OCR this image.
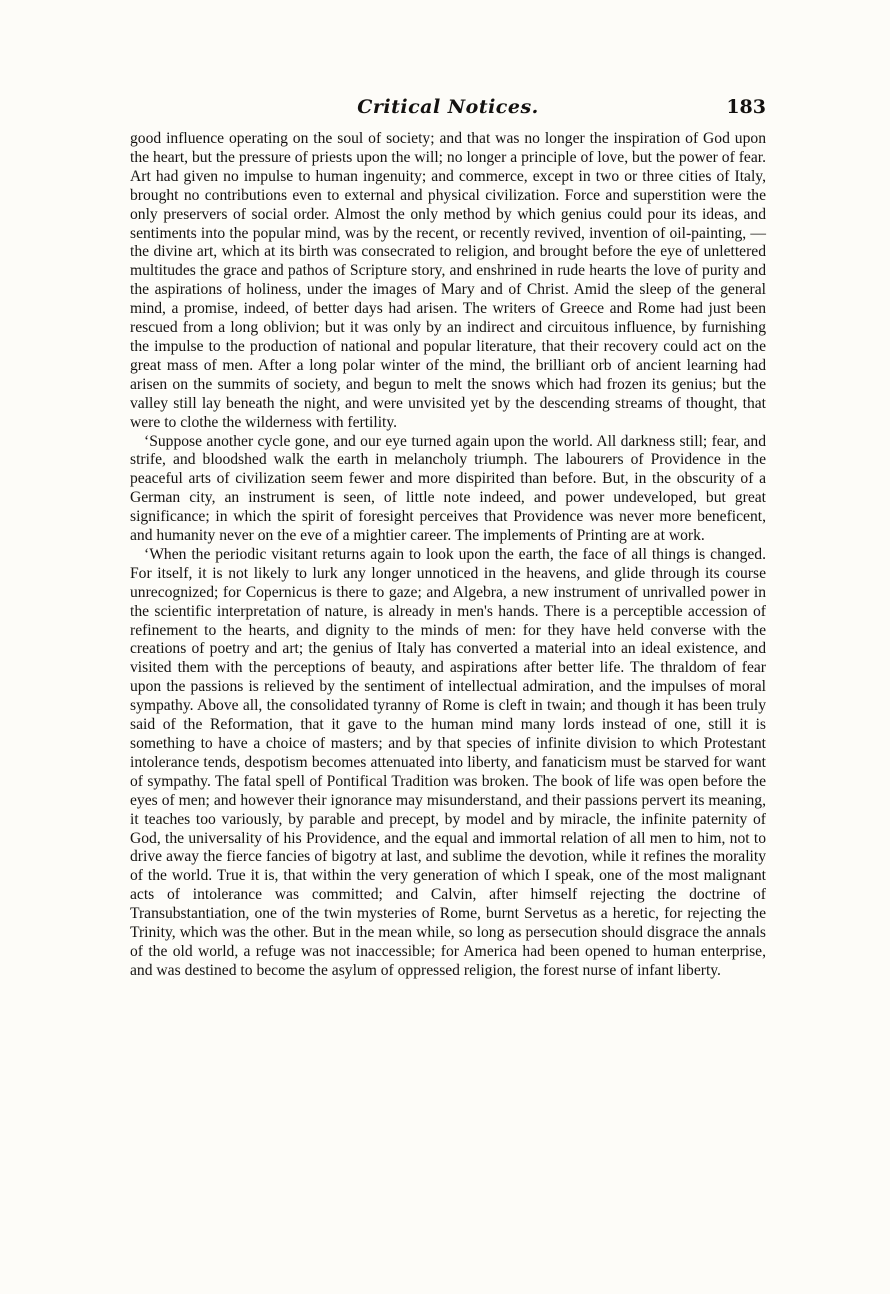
Critical Notices.	183

good influence operating on the soul of society; and that was no longer the inspiration of God upon the heart, but the pressure of priests upon the will; no longer a principle of love, but the power of fear. Art had given no impulse to human ingenuity; and commerce, except in two or three cities of Italy, brought no contributions even to external and physical civilization. Force and superstition were the only preservers of social order. Almost the only method by which genius could pour its ideas, and sentiments into the popular mind, was by the recent, or recently revived, invention of oil-painting, —the divine art, which at its birth was consecrated to religion, and brought before the eye of unlettered multitudes the grace and pathos of Scripture story, and enshrined in rude hearts the love of purity and the aspirations of holiness, under the images of Mary and of Christ. Amid the sleep of the general mind, a promise, indeed, of better days had arisen. The writers of Greece and Rome had just been rescued from a long oblivion; but it was only by an indirect and circuitous influence, by furnishing the impulse to the production of national and popular literature, that their recovery could act on the great mass of men. After a long polar winter of the mind, the brilliant orb of ancient learning had arisen on the summits of society, and begun to melt the snows which had frozen its genius; but the valley still lay beneath the night, and were unvisited yet by the descending streams of thought, that were to clothe the wilderness with fertility.

‘Suppose another cycle gone, and our eye turned again upon the world. All darkness still; fear, and strife, and bloodshed walk the earth in melancholy triumph. The labourers of Providence in the peaceful arts of civilization seem fewer and more dispirited than before. But, in the obscurity of a German city, an instrument is seen, of little note indeed, and power undeveloped, but great significance; in which the spirit of foresight perceives that Providence was never more beneficent, and humanity never on the eve of a mightier career. The implements of Printing are at work.

‘When the periodic visitant returns again to look upon the earth, the face of all things is changed. For itself, it is not likely to lurk any longer unnoticed in the heavens, and glide through its course unrecognized; for Copernicus is there to gaze; and Algebra, a new instrument of unrivalled power in the scientific interpretation of nature, is already in men's hands. There is a perceptible accession of refinement to the hearts, and dignity to the minds of men: for they have held converse with the creations of poetry and art; the genius of Italy has converted a material into an ideal existence, and visited them with the perceptions of beauty, and aspirations after better life. The thraldom of fear upon the passions is relieved by the sentiment of intellectual admiration, and the impulses of moral sympathy. Above all, the consolidated tyranny of Rome is cleft in twain; and though it has been truly said of the Reformation, that it gave to the human mind many lords instead of one, still it is something to have a choice of masters; and by that species of infinite division to which Protestant intolerance tends, despotism becomes attenuated into liberty, and fanaticism must be starved for want of sympathy. The fatal spell of Pontifical Tradition was broken. The book of life was open before the eyes of men; and however their ignorance may misunderstand, and their passions pervert its meaning, it teaches too variously, by parable and precept, by model and by miracle, the infinite paternity of God, the universality of his Providence, and the equal and immortal relation of all men to him, not to drive away the fierce fancies of bigotry at last, and sublime the devotion, while it refines the morality of the world. True it is, that within the very generation of which I speak, one of the most malignant acts of intolerance was committed; and Calvin, after himself rejecting the doctrine of Transubstantiation, one of the twin mysteries of Rome, burnt Servetus as a heretic, for rejecting the Trinity, which was the other. But in the mean while, so long as persecution should disgrace the annals of the old world, a refuge was not inaccessible; for America had been opened to human enterprise, and was destined to become the asylum of oppressed religion, the forest nurse of infant liberty.
